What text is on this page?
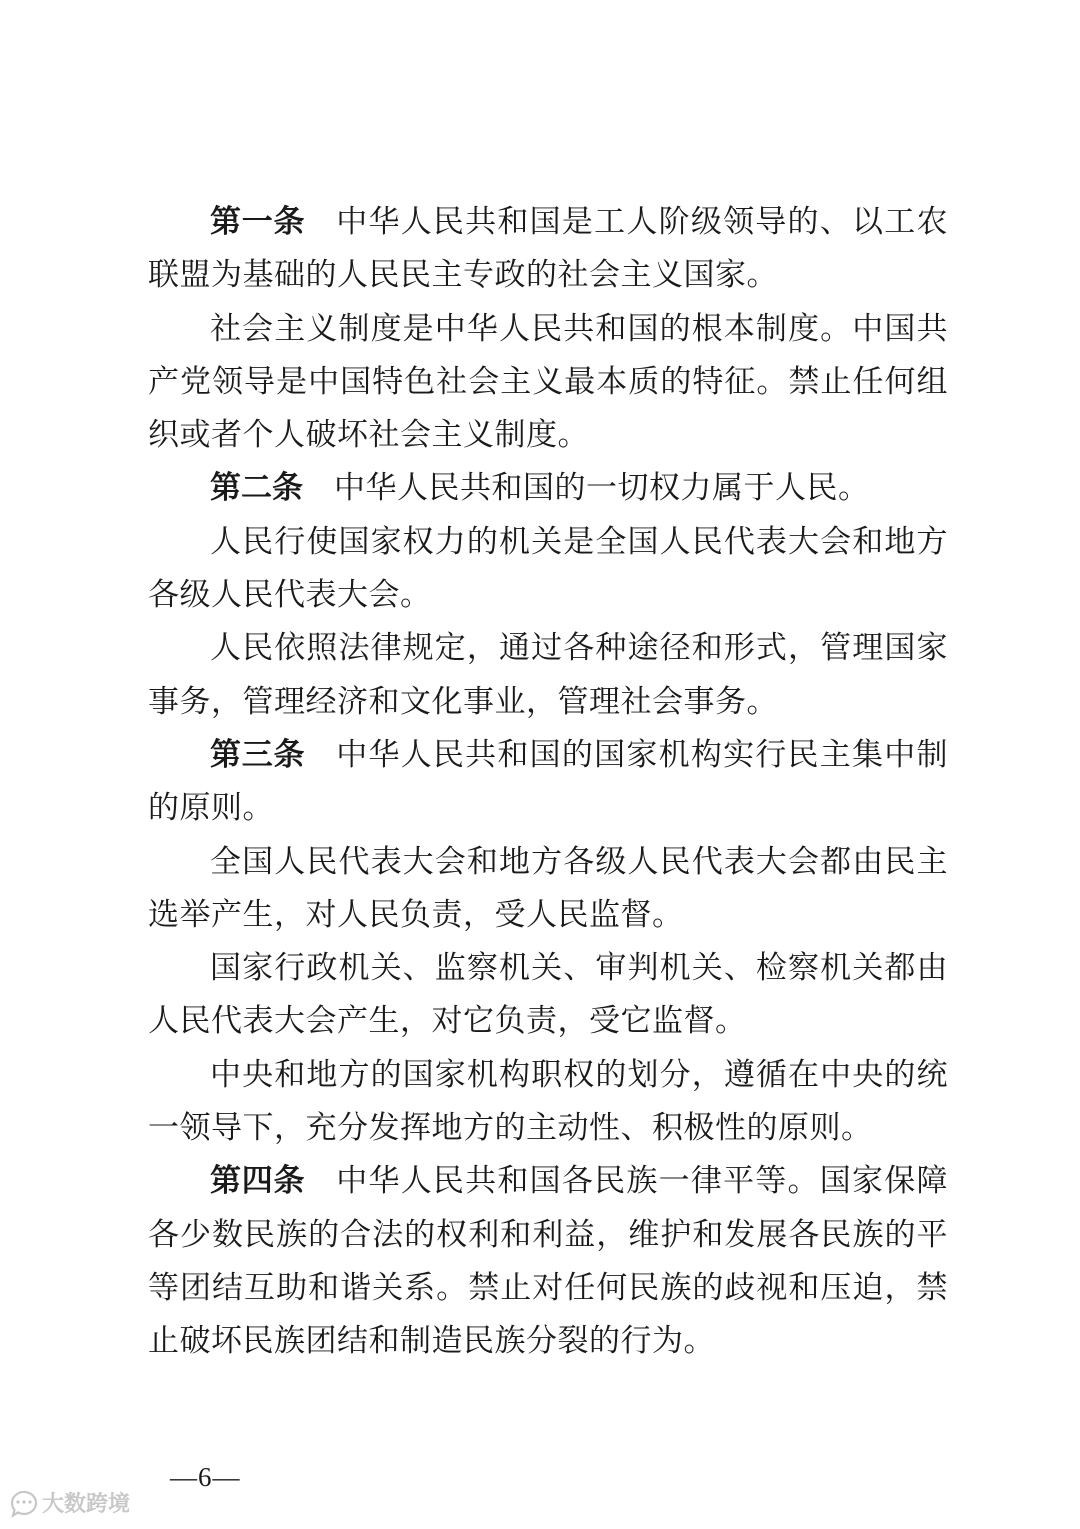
第一条 中华人民共和国是工人阶级领导的、以工农联盟为基础的人民民主专政的社会主义国家。

社会主义制度是中华人民共和国的根本制度。中国共产党领导是中国特色社会主义最本质的特征。禁止任何组织或者个人破坏社会主义制度。

第二条 中华人民共和国的一切权力属于人民。

人民行使国家权力的机关是全国人民代表大会和地方各级人民代表大会。

人民依照法律规定，通过各种途径和形式，管理国家事务，管理经济和文化事业，管理社会事务。

第三条 中华人民共和国的国家机构实行民主集中制的原则。

全国人民代表大会和地方各级人民代表大会都由民主选举产生，对人民负责，受人民监督。

国家行政机关、监察机关、审判机关、检察机关都由人民代表大会产生，对它负责，受它监督。

中央和地方的国家机构职权的划分，遵循在中央的统一领导下，充分发挥地方的主动性、积极性的原则。

第四条 中华人民共和国各民族一律平等。国家保障各少数民族的合法的权利和利益，维护和发展各民族的平等团结互助和谐关系。禁止对任何民族的歧视和压迫，禁止破坏民族团结和制造民族分裂的行为。

—6—
大数跨境
